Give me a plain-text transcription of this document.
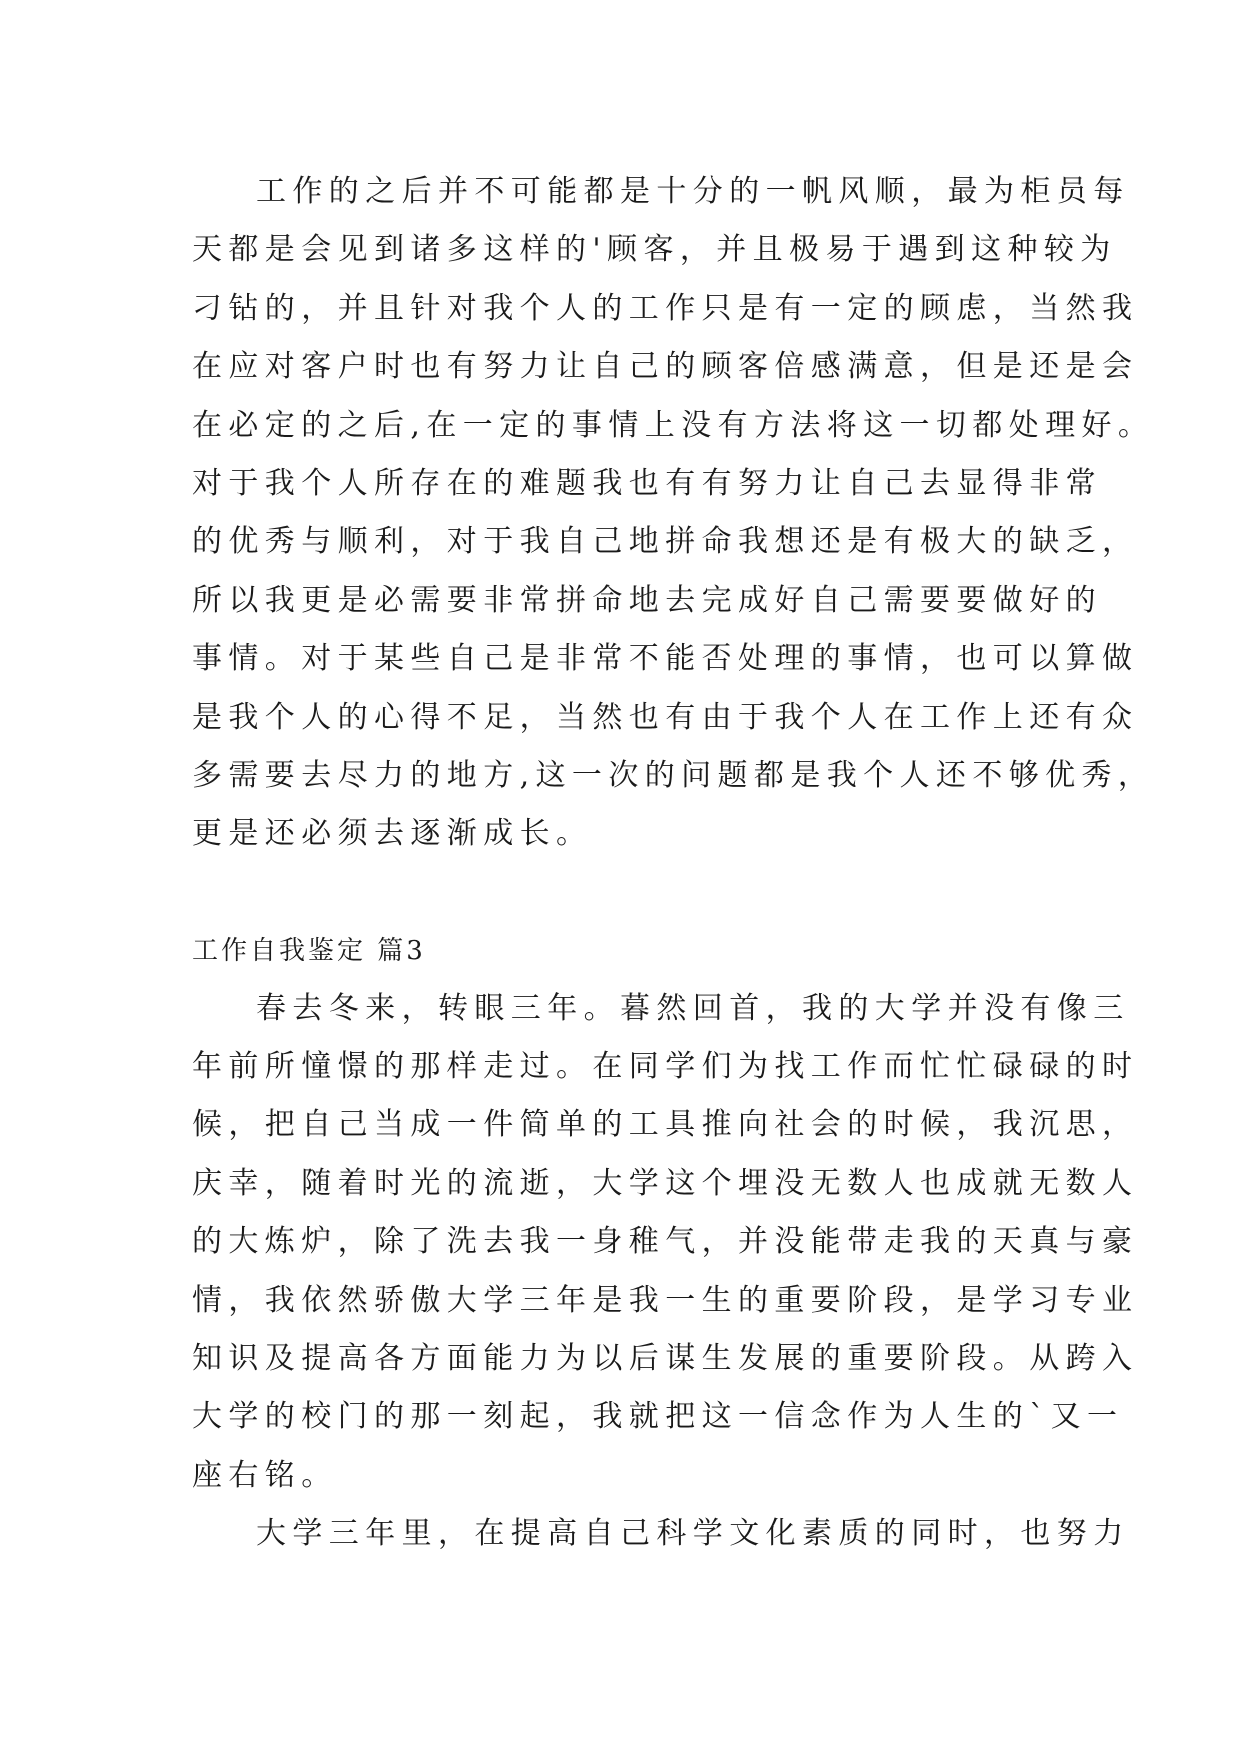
工作的之后并不可能都是十分的一帆风顺，最为柜员每
天都是会见到诸多这样的'顾客，并且极易于遇到这种较为
刁钻的，并且针对我个人的工作只是有一定的顾虑，当然我
在应对客户时也有努力让自己的顾客倍感满意，但是还是会
在必定的之后,在一定的事情上没有方法将这一切都处理好。
对于我个人所存在的难题我也有有努力让自己去显得非常
的优秀与顺利，对于我自己地拼命我想还是有极大的缺乏，
所以我更是必需要非常拼命地去完成好自己需要要做好的
事情。对于某些自己是非常不能否处理的事情，也可以算做
是我个人的心得不足，当然也有由于我个人在工作上还有众
多需要去尽力的地方,这一次的问题都是我个人还不够优秀，
更是还必须去逐渐成长。
工作自我鉴定 篇3
春去冬来，转眼三年。暮然回首，我的大学并没有像三
年前所憧憬的那样走过。在同学们为找工作而忙忙碌碌的时
候，把自己当成一件简单的工具推向社会的时候，我沉思，
庆幸，随着时光的流逝，大学这个埋没无数人也成就无数人
的大炼炉，除了洗去我一身稚气，并没能带走我的天真与豪
情，我依然骄傲大学三年是我一生的重要阶段，是学习专业
知识及提高各方面能力为以后谋生发展的重要阶段。从跨入
大学的校门的那一刻起，我就把这一信念作为人生的`又一
座右铭。
大学三年里，在提高自己科学文化素质的同时，也努力
